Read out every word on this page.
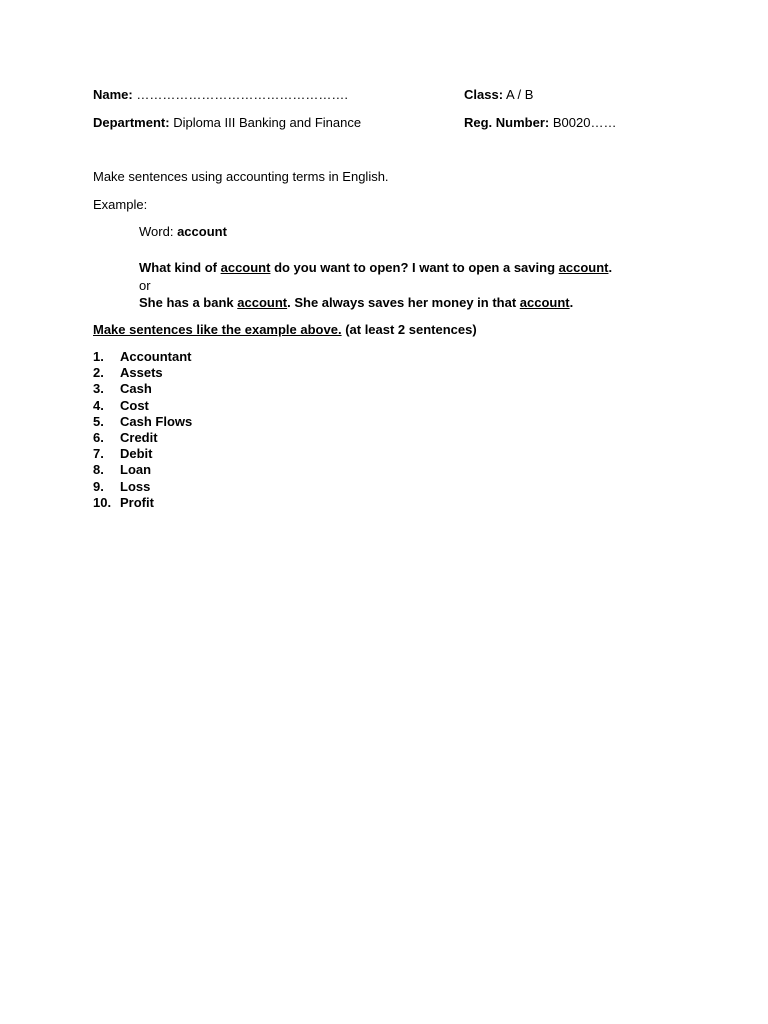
Name: ………………………………………….	Class: A / B
Department: Diploma III Banking and Finance	Reg. Number: B0020……
Make sentences using accounting terms in English.
Example:
Word: account
What kind of account do you want to open? I want to open a saving account.
or
She has a bank account. She always saves her money in that account.
Make sentences like the example above. (at least 2 sentences)
1. Accountant
2. Assets
3. Cash
4. Cost
5. Cash Flows
6. Credit
7. Debit
8. Loan
9. Loss
10. Profit
